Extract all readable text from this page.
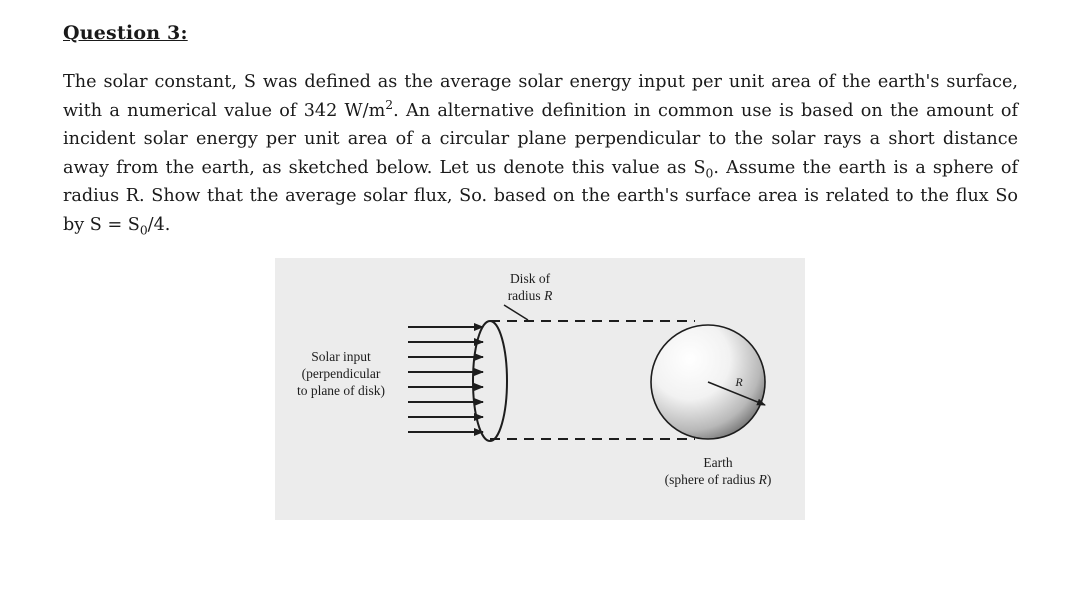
Question 3:

The solar constant, S was defined as the average solar energy input per unit area of the earth's surface, with a numerical value of 342 $W/m^2$. An alternative definition in common use is based on the amount of incident solar energy per unit area of a circular plane perpendicular to the solar rays a short distance away from the earth, as sketched below. Let us denote this value as $S_0$. Assume the earth is a sphere of radius R. Show that the average solar flux, So. based on the earth's surface area is related to the flux So by $S = S_0/4$.

Disk of
radius R
Solar input
(perpendicular
to plane of disk)
R
Earth
(sphere of radius R)
